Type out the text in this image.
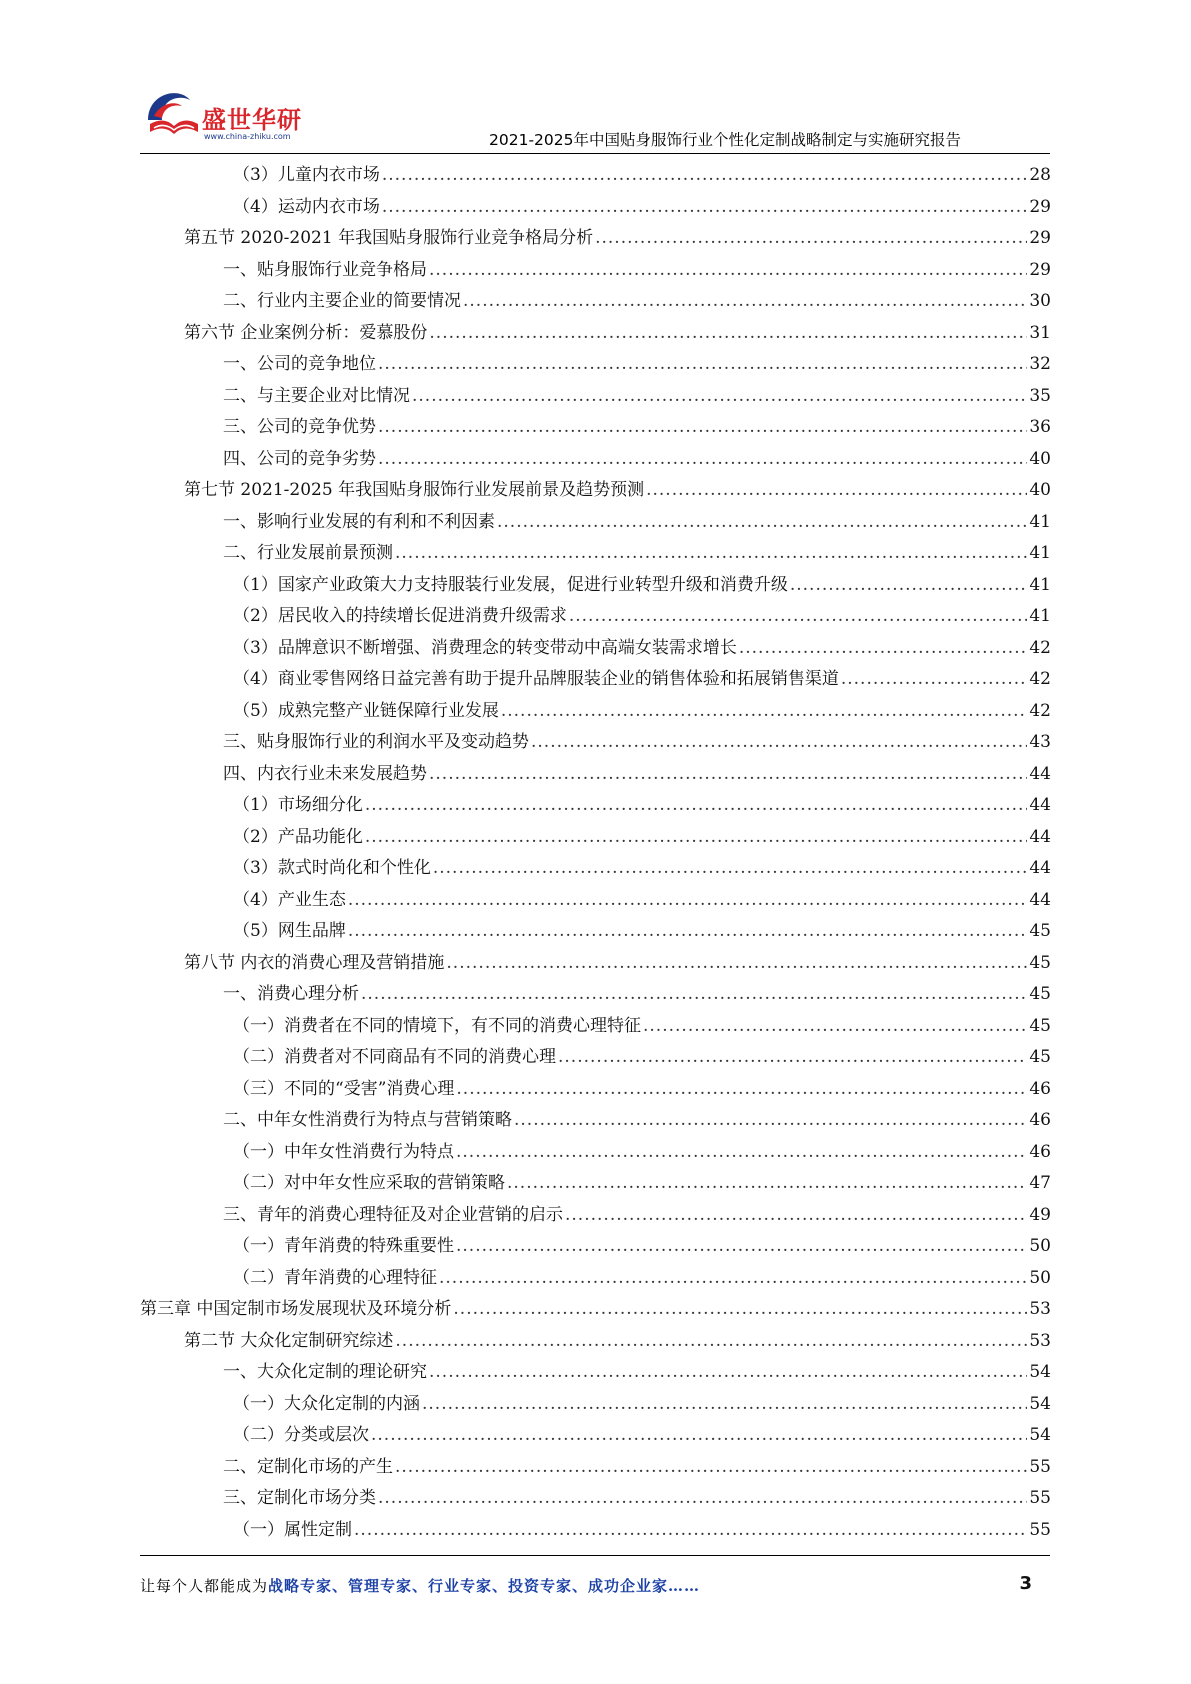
盛世华研
www.china-zhiku.com	2021-2025年中国贴身服饰行业个性化定制战略制定与实施研究报告
（3）儿童内衣市场 .....	28
（4）运动内衣市场 .....	29
第五节 2020-2021 年我国贴身服饰行业竞争格局分析 .....	29
一、贴身服饰行业竞争格局 .....	29
二、行业内主要企业的简要情况 .....	30
第六节 企业案例分析：爱慕股份 .....	31
一、公司的竞争地位 .....	32
二、与主要企业对比情况 .....	35
三、公司的竞争优势 .....	36
四、公司的竞争劣势 .....	40
第七节 2021-2025 年我国贴身服饰行业发展前景及趋势预测 .....	40
一、影响行业发展的有利和不利因素 .....	41
二、行业发展前景预测 .....	41
（1）国家产业政策大力支持服装行业发展，促进行业转型升级和消费升级 .....	41
（2）居民收入的持续增长促进消费升级需求 .....	41
（3）品牌意识不断增强、消费理念的转变带动中高端女装需求增长 .....	42
（4）商业零售网络日益完善有助于提升品牌服装企业的销售体验和拓展销售渠道 .....	42
（5）成熟完整产业链保障行业发展 .....	42
三、贴身服饰行业的利润水平及变动趋势 .....	43
四、内衣行业未来发展趋势 .....	44
（1）市场细分化 .....	44
（2）产品功能化 .....	44
（3）款式时尚化和个性化 .....	44
（4）产业生态 .....	44
（5）网生品牌 .....	45
第八节 内衣的消费心理及营销措施 .....	45
一、消费心理分析 .....	45
（一）消费者在不同的情境下，有不同的消费心理特征 .....	45
（二）消费者对不同商品有不同的消费心理 .....	45
（三）不同的“受害”消费心理 .....	46
二、中年女性消费行为特点与营销策略 .....	46
（一）中年女性消费行为特点 .....	46
（二）对中年女性应采取的营销策略 .....	47
三、青年的消费心理特征及对企业营销的启示 .....	49
（一）青年消费的特殊重要性 .....	50
（二）青年消费的心理特征 .....	50
第三章 中国定制市场发展现状及环境分析 .....	53
第二节 大众化定制研究综述 .....	53
一、大众化定制的理论研究 .....	54
（一）大众化定制的内涵 .....	54
（二）分类或层次 .....	54
二、定制化市场的产生 .....	55
三、定制化市场分类 .....	55
（一）属性定制 .....	55
让每个人都能成为战略专家、管理专家、行业专家、投资专家、成功企业家……	3
